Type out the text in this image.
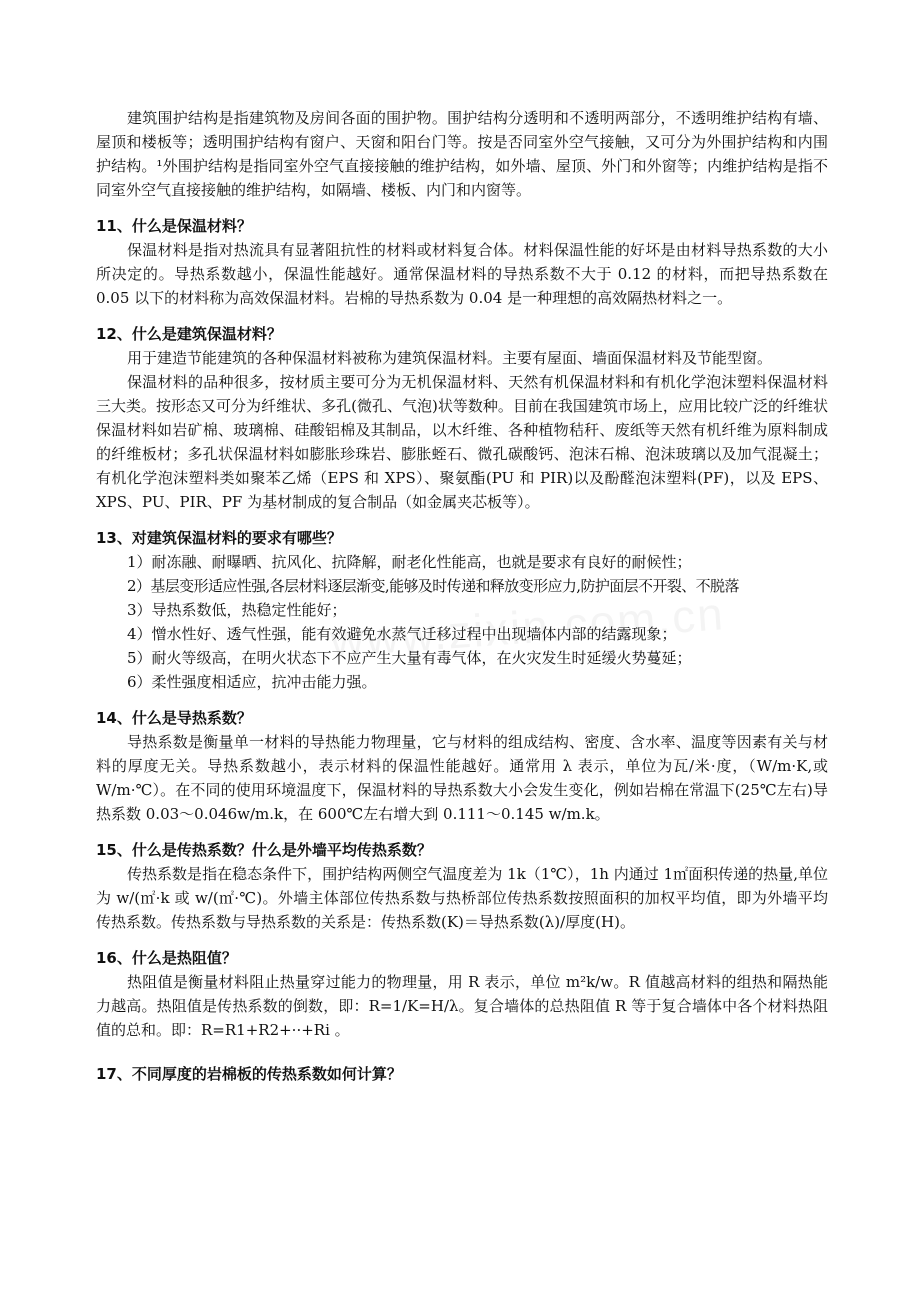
建筑围护结构是指建筑物及房间各面的围护物。围护结构分透明和不透明两部分，不透明维护结构有墙、屋顶和楼板等；透明围护结构有窗户、天窗和阳台门等。按是否同室外空气接触，又可分为外围护结构和内围护结构。¹外围护结构是指同室外空气直接接触的维护结构，如外墙、屋顶、外门和外窗等；内维护结构是指不同室外空气直接接触的维护结构，如隔墙、楼板、内门和内窗等。

11、什么是保温材料？

保温材料是指对热流具有显著阻抗性的材料或材料复合体。材料保温性能的好坏是由材料导热系数的大小所决定的。导热系数越小，保温性能越好。通常保温材料的导热系数不大于 0.12 的材料，而把导热系数在 0.05 以下的材料称为高效保温材料。岩棉的导热系数为 0.04 是一种理想的高效隔热材料之一。

12、什么是建筑保温材料？

用于建造节能建筑的各种保温材料被称为建筑保温材料。主要有屋面、墙面保温材料及节能型窗。

保温材料的品种很多，按材质主要可分为无机保温材料、天然有机保温材料和有机化学泡沫塑料保温材料三大类。按形态又可分为纤维状、多孔(微孔、气泡)状等数种。目前在我国建筑市场上，应用比较广泛的纤维状保温材料如岩矿棉、玻璃棉、硅酸铝棉及其制品，以木纤维、各种植物秸秆、废纸等天然有机纤维为原料制成的纤维板材；多孔状保温材料如膨胀珍珠岩、膨胀蛭石、微孔碳酸钙、泡沫石棉、泡沫玻璃以及加气混凝土；有机化学泡沫塑料类如聚苯乙烯（EPS 和 XPS）、聚氨酯(PU 和 PIR)以及酚醛泡沫塑料(PF)，以及 EPS、XPS、PU、PIR、PF 为基材制成的复合制品（如金属夹芯板等）。

13、对建筑保温材料的要求有哪些？

1）耐冻融、耐曝晒、抗风化、抗降解，耐老化性能高，也就是要求有良好的耐候性；

2）基层变形适应性强,各层材料逐层渐变,能够及时传递和释放变形应力,防护面层不开裂、不脱落

3）导热系数低，热稳定性能好；

4）憎水性好、透气性强，能有效避免水蒸气迁移过程中出现墙体内部的结露现象；

5）耐火等级高，在明火状态下不应产生大量有毒气体，在火灾发生时延缓火势蔓延；

6）柔性强度相适应，抗冲击能力强。

14、什么是导热系数？

导热系数是衡量单一材料的导热能力物理量，它与材料的组成结构、密度、含水率、温度等因素有关与材料的厚度无关。导热系数越小，表示材料的保温性能越好。通常用 λ 表示，单位为瓦/米·度，（W/m·K,或 W/m·℃）。在不同的使用环境温度下，保温材料的导热系数大小会发生变化，例如岩棉在常温下(25℃左右)导热系数 0.03～0.046w/m.k，在 600℃左右增大到 0.111～0.145 w/m.k。

15、什么是传热系数？什么是外墙平均传热系数？

传热系数是指在稳态条件下，围护结构两侧空气温度差为 1k（1℃），1h 内通过 1㎡面积传递的热量,单位为 w/(㎡·k 或 w/(㎡·℃)。外墙主体部位传热系数与热桥部位传热系数按照面积的加权平均值，即为外墙平均传热系数。传热系数与导热系数的关系是：传热系数(K)＝导热系数(λ)/厚度(H)。

16、什么是热阻值？

热阻值是衡量材料阻止热量穿过能力的物理量，用 R 表示，单位 m²k/w。R 值越高材料的组热和隔热能力越高。热阻值是传热系数的倒数，即：R=1/K=H/λ。复合墙体的总热阻值 R 等于复合墙体中各个材料热阻值的总和。即：R=R1+R2+··+Ri 。

17、不同厚度的岩棉板的传热系数如何计算？
